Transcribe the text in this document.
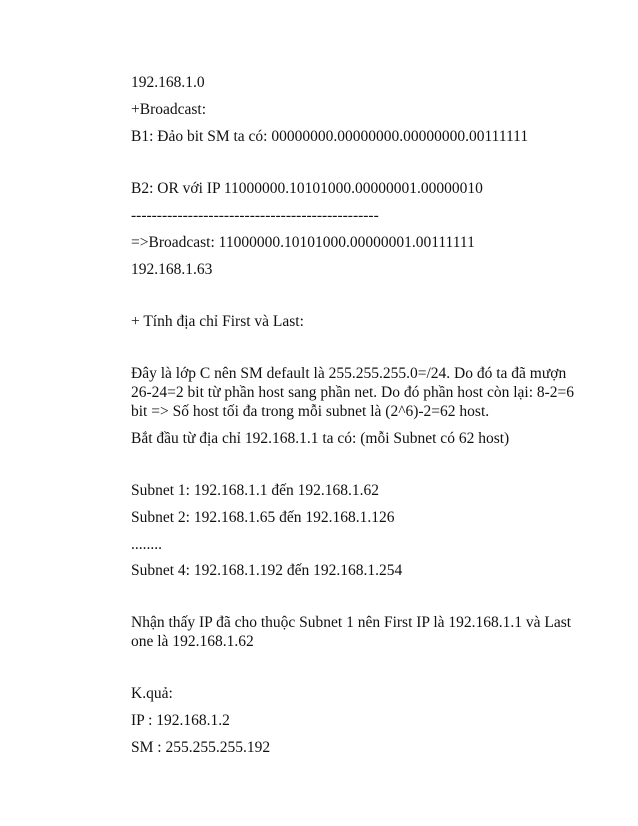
192.168.1.0
+Broadcast:
B1: Đảo bit SM ta có: 00000000.00000000.00000000.00111111
B2: OR với IP 11000000.10101000.00000001.00000010
------------------------------------------------
=>Broadcast: 11000000.10101000.00000001.00111111
192.168.1.63
+ Tính địa chỉ First và Last:
Đây là lớp C nên SM default là 255.255.255.0=/24. Do đó ta đã mượn
26-24=2 bit từ phần host sang phần net. Do đó phần host còn lại: 8-2=6
bit => Số host tối đa trong mỗi subnet là (2^6)-2=62 host.
Bắt đầu từ địa chỉ 192.168.1.1 ta có: (mỗi Subnet có 62 host)
Subnet 1: 192.168.1.1 đến 192.168.1.62
Subnet 2: 192.168.1.65 đến 192.168.1.126
........
Subnet 4: 192.168.1.192 đến 192.168.1.254
Nhận thấy IP đã cho thuộc Subnet 1 nên First IP là 192.168.1.1 và Last
one là 192.168.1.62
K.quả:
IP : 192.168.1.2
SM : 255.255.255.192
